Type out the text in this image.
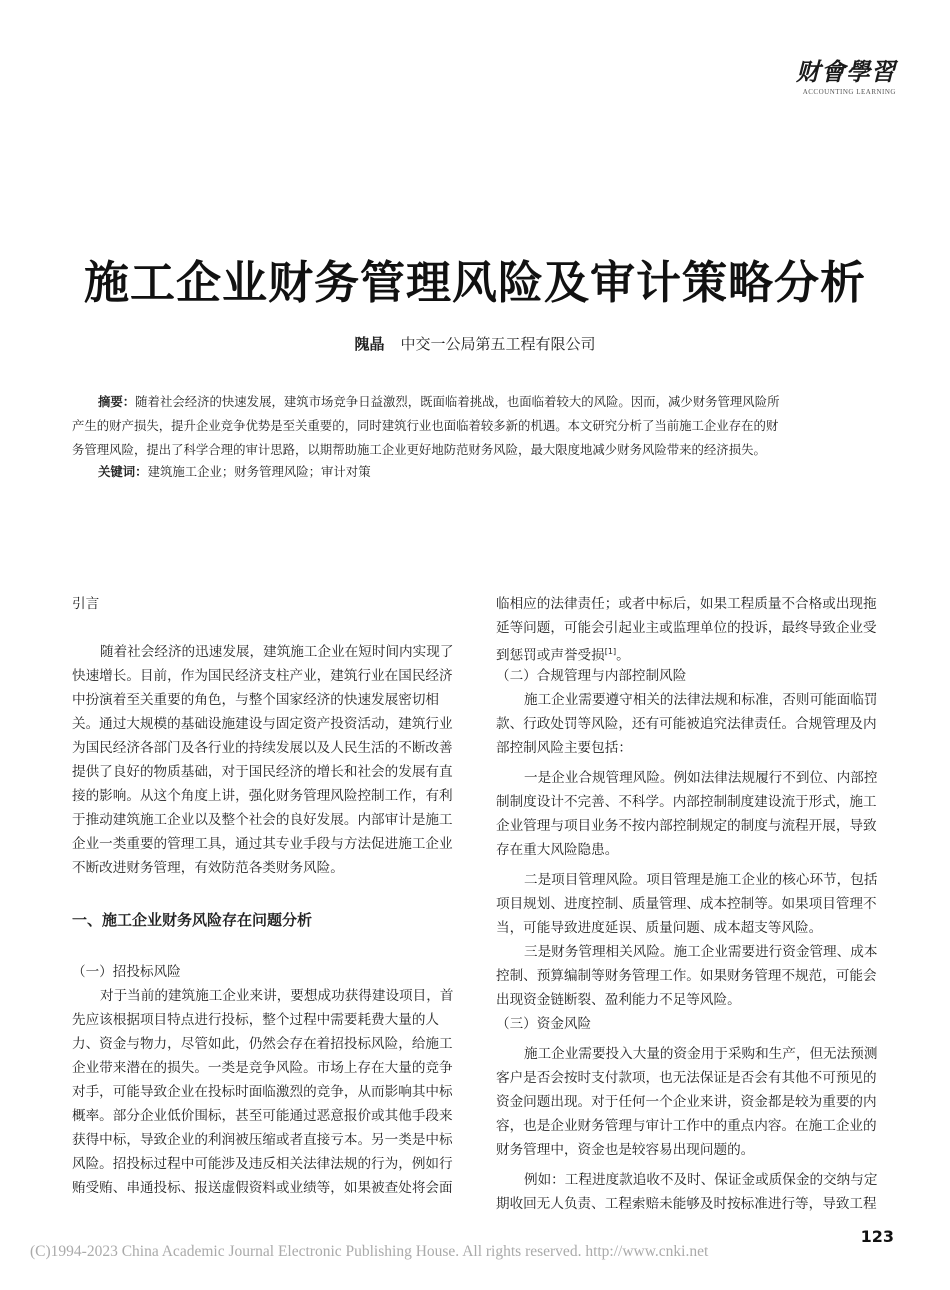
财會學習
ACCOUNTING LEARNING
施工企业财务管理风险及审计策略分析
隗晶 中交一公局第五工程有限公司
摘要：随着社会经济的快速发展，建筑市场竞争日益激烈，既面临着挑战，也面临着较大的风险。因而，减少财务管理风险所
产生的财产损失，提升企业竞争优势是至关重要的，同时建筑行业也面临着较多新的机遇。本文研究分析了当前施工企业存在的财
务管理风险，提出了科学合理的审计思路，以期帮助施工企业更好地防范财务风险，最大限度地减少财务风险带来的经济损失。
关键词：建筑施工企业；财务管理风险；审计对策
引言
随着社会经济的迅速发展，建筑施工企业在短时间内实现了
快速增长。目前，作为国民经济支柱产业，建筑行业在国民经济
中扮演着至关重要的角色，与整个国家经济的快速发展密切相
关。通过大规模的基础设施建设与固定资产投资活动，建筑行业
为国民经济各部门及各行业的持续发展以及人民生活的不断改善
提供了良好的物质基础，对于国民经济的增长和社会的发展有直
接的影响。从这个角度上讲，强化财务管理风险控制工作，有利
于推动建筑施工企业以及整个社会的良好发展。内部审计是施工
企业一类重要的管理工具，通过其专业手段与方法促进施工企业
不断改进财务管理，有效防范各类财务风险。
一、施工企业财务风险存在问题分析
（一）招投标风险
对于当前的建筑施工企业来讲，要想成功获得建设项目，首
先应该根据项目特点进行投标，整个过程中需要耗费大量的人
力、资金与物力，尽管如此，仍然会存在着招投标风险，给施工
企业带来潜在的损失。一类是竞争风险。市场上存在大量的竞争
对手，可能导致企业在投标时面临激烈的竞争，从而影响其中标
概率。部分企业低价围标，甚至可能通过恶意报价或其他手段来
获得中标，导致企业的利润被压缩或者直接亏本。另一类是中标
风险。招投标过程中可能涉及违反相关法律法规的行为，例如行
贿受贿、串通投标、报送虚假资料或业绩等，如果被查处将会面
临相应的法律责任；或者中标后，如果工程质量不合格或出现拖
延等问题，可能会引起业主或监理单位的投诉，最终导致企业受
到惩罚或声誉受损[1]。
（二）合规管理与内部控制风险
施工企业需要遵守相关的法律法规和标准，否则可能面临罚
款、行政处罚等风险，还有可能被追究法律责任。合规管理及内
部控制风险主要包括：
一是企业合规管理风险。例如法律法规履行不到位、内部控
制制度设计不完善、不科学。内部控制制度建设流于形式，施工
企业管理与项目业务不按内部控制规定的制度与流程开展，导致
存在重大风险隐患。
二是项目管理风险。项目管理是施工企业的核心环节，包括
项目规划、进度控制、质量管理、成本控制等。如果项目管理不
当，可能导致进度延误、质量问题、成本超支等风险。
三是财务管理相关风险。施工企业需要进行资金管理、成本
控制、预算编制等财务管理工作。如果财务管理不规范，可能会
出现资金链断裂、盈利能力不足等风险。
（三）资金风险
施工企业需要投入大量的资金用于采购和生产，但无法预测
客户是否会按时支付款项，也无法保证是否会有其他不可预见的
资金问题出现。对于任何一个企业来讲，资金都是较为重要的内
容，也是企业财务管理与审计工作中的重点内容。在施工企业的
财务管理中，资金也是较容易出现问题的。
例如：工程进度款追收不及时、保证金或质保金的交纳与定
期收回无人负责、工程索赔未能够及时按标准进行等，导致工程
123
(C)1994-2023 China Academic Journal Electronic Publishing House. All rights reserved. http://www.cnki.net
